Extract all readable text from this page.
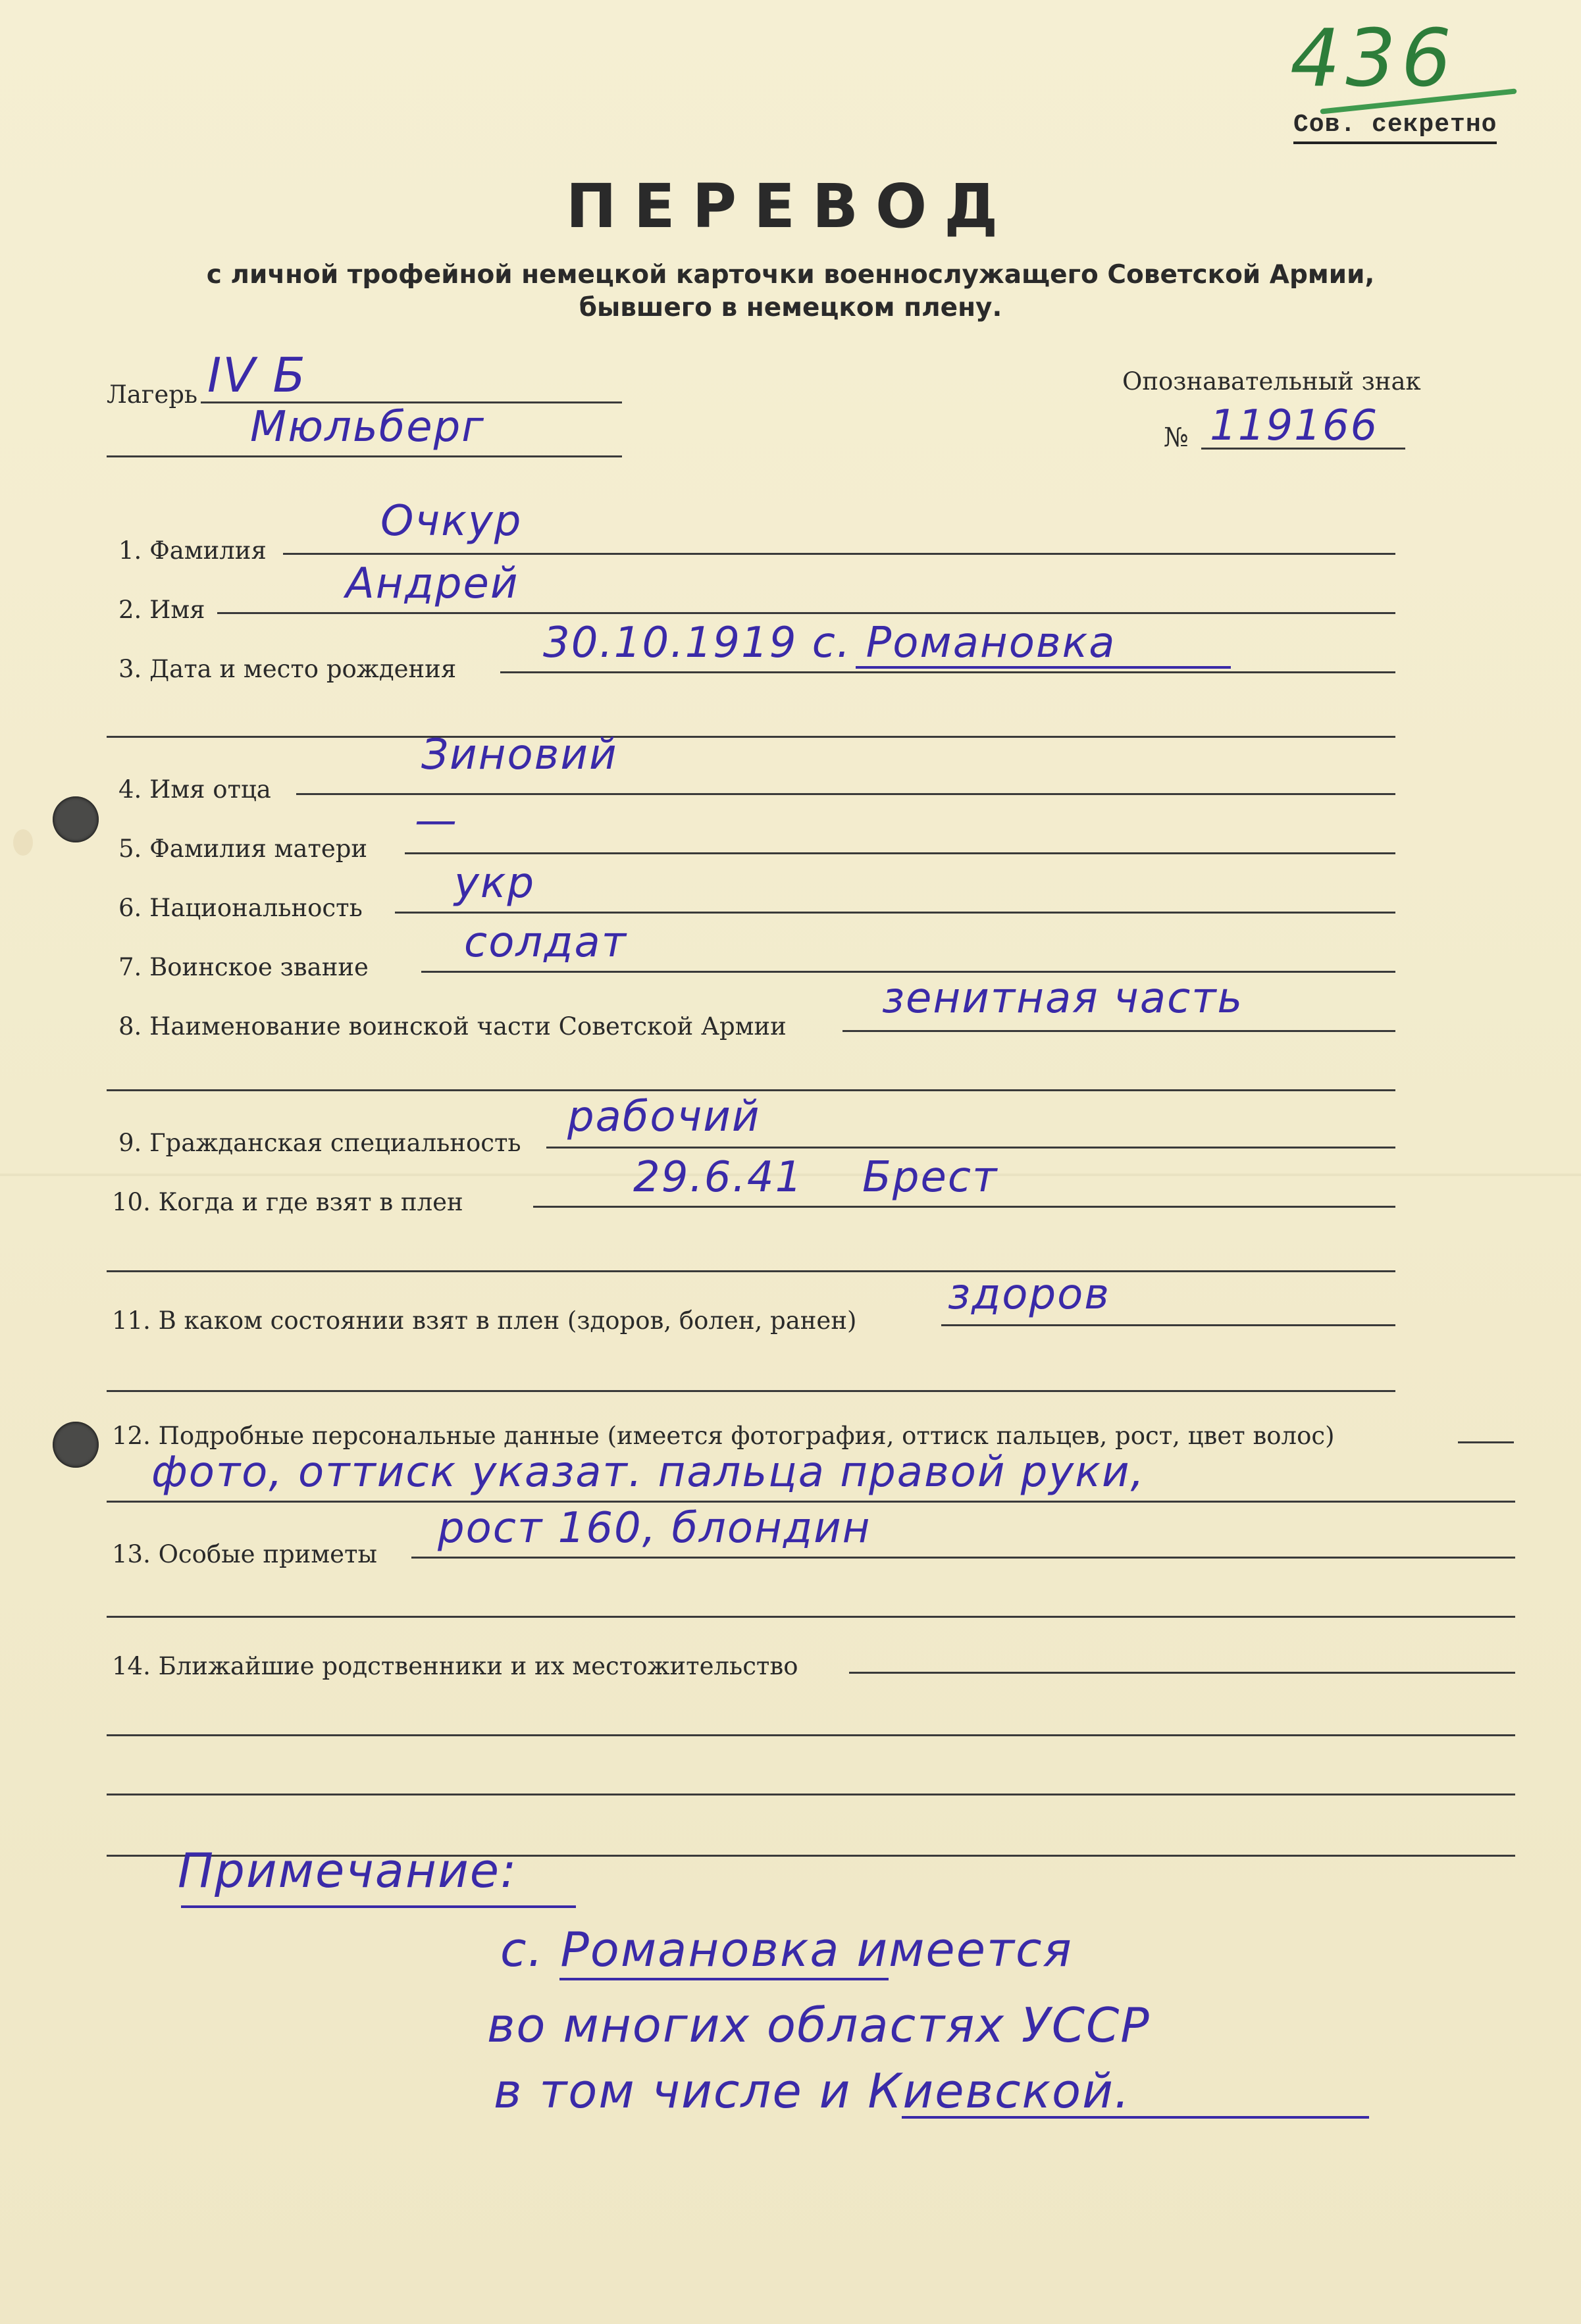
436
Сов. секретно
ПЕРЕВОД
с личной трофейной немецкой карточки военнослужащего Советской Армии,
бывшего в немецком плену.
Лагерь IV Б
Мюльберг
Опознавательный знак
№ 119166
1. Фамилия
Очкур
2. Имя
Андрей
3. Дата и место рождения
30.10.1919 с. Романовка
4. Имя отца
Зиновий
5. Фамилия матери
—
6. Национальность
укр
7. Воинское звание
солдат
8. Наименование воинской части Советской Армии
зенитная часть
9. Гражданская специальность
рабочий
10. Когда и где взят в плен
29.6.41 Брест
11. В каком состоянии взят в плен (здоров, болен, ранен)
здоров
12. Подробные персональные данные (имеется фотография, оттиск пальцев, рост, цвет волос)
фото, оттиск указат. пальца правой руки,
13. Особые приметы
рост 160, блондин
14. Ближайшие родственники и их местожительство
Примечание:
с. Романовка имеется
во многих областях УССР
в том числе и Киевской.
